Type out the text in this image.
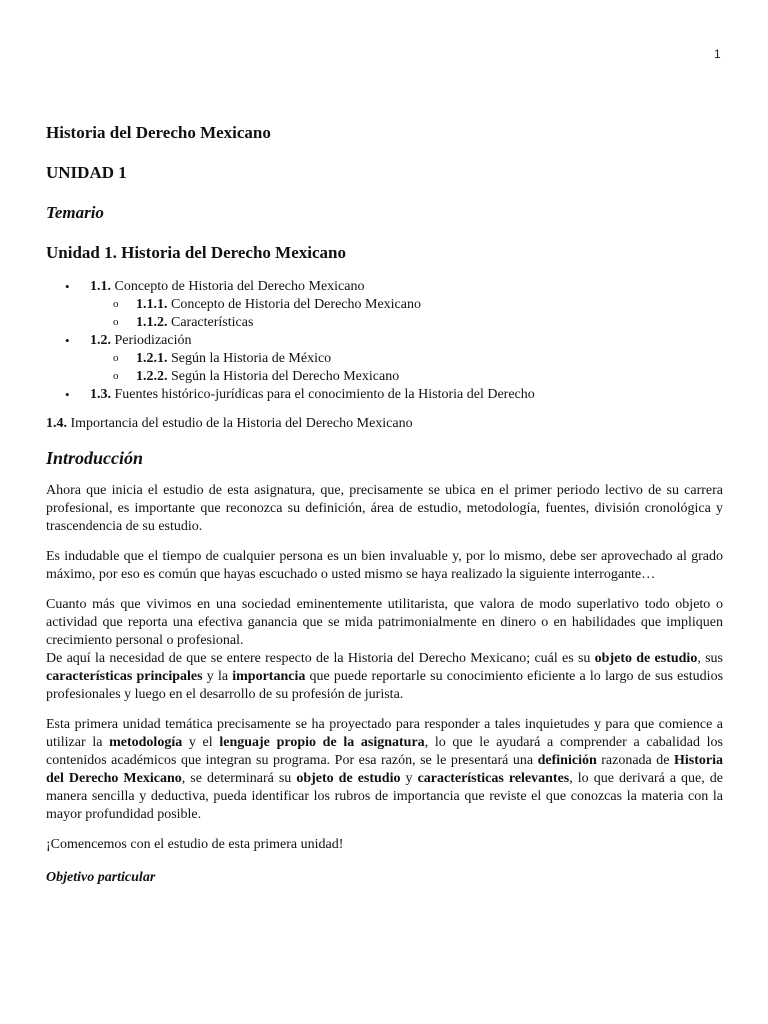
1
Historia del Derecho Mexicano
UNIDAD 1
Temario
Unidad 1. Historia del Derecho Mexicano
• 1.1. Concepto de Historia del Derecho Mexicano
o 1.1.1. Concepto de Historia del Derecho Mexicano
o 1.1.2. Características
• 1.2. Periodización
o 1.2.1. Según la Historia de México
o 1.2.2. Según la Historia del Derecho Mexicano
• 1.3. Fuentes histórico-jurídicas para el conocimiento de la Historia del Derecho

1.4. Importancia del estudio de la Historia del Derecho Mexicano

Introducción

Ahora que inicia el estudio de esta asignatura, que, precisamente se ubica en el primer periodo lectivo de su carrera profesional, es importante que reconozca su definición, área de estudio, metodología, fuentes, división cronológica y trascendencia de su estudio.

Es indudable que el tiempo de cualquier persona es un bien invaluable y, por lo mismo, debe ser aprovechado al grado máximo, por eso es común que hayas escuchado o usted mismo se haya realizado la siguiente interrogante…

Cuanto más que vivimos en una sociedad eminentemente utilitarista, que valora de modo superlativo todo objeto o actividad que reporta una efectiva ganancia que se mida patrimonialmente en dinero o en habilidades que impliquen crecimiento personal o profesional.

De aquí la necesidad de que se entere respecto de la Historia del Derecho Mexicano; cuál es su objeto de estudio, sus características principales y la importancia que puede reportarle su conocimiento eficiente a lo largo de sus estudios profesionales y luego en el desarrollo de su profesión de jurista.

Esta primera unidad temática precisamente se ha proyectado para responder a tales inquietudes y para que comience a utilizar la metodología y el lenguaje propio de la asignatura, lo que le ayudará a comprender a cabalidad los contenidos académicos que integran su programa. Por esa razón, se le presentará una definición razonada de Historia del Derecho Mexicano, se determinará su objeto de estudio y características relevantes, lo que derivará a que, de manera sencilla y deductiva, pueda identificar los rubros de importancia que reviste el que conozcas la materia con la mayor profundidad posible.

¡Comencemos con el estudio de esta primera unidad!

Objetivo particular
